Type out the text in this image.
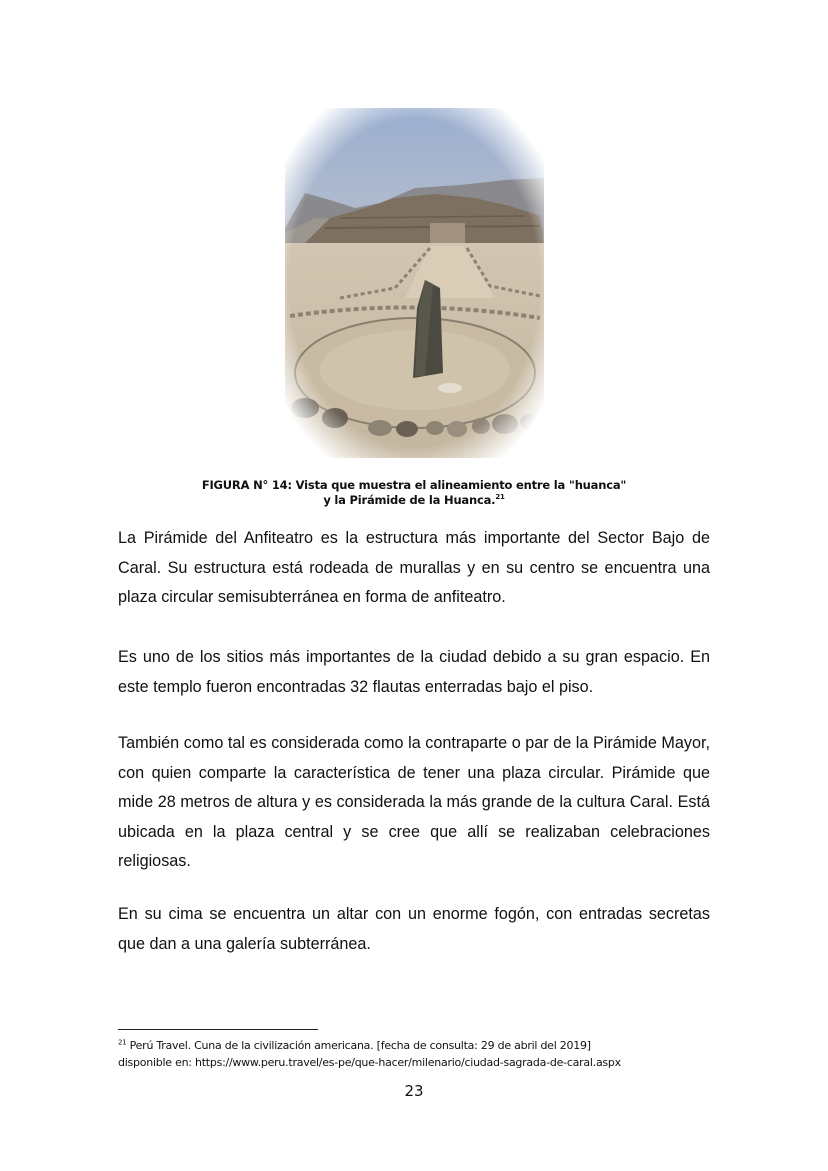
FIGURA N° 14: Vista que muestra el alineamiento entre la "huanca"
y la Pirámide de la Huanca.$^{21}$

La Pirámide del Anfiteatro es la estructura más importante del Sector Bajo de Caral. Su estructura está rodeada de murallas y en su centro se encuentra una plaza circular semisubterránea en forma de anfiteatro.

Es uno de los sitios más importantes de la ciudad debido a su gran espacio. En este templo fueron encontradas 32 flautas enterradas bajo el piso.

También como tal es considerada como la contraparte o par de la Pirámide Mayor, con quien comparte la característica de tener una plaza circular. Pirámide que mide 28 metros de altura y es considerada la más grande de la cultura Caral. Está ubicada en la plaza central y se cree que allí se realizaban celebraciones religiosas.

En su cima se encuentra un altar con un enorme fogón, con entradas secretas que dan a una galería subterránea.

$^{21}$ Perú Travel. Cuna de la civilización americana. [fecha de consulta: 29 de abril del 2019]
disponible en: https://www.peru.travel/es-pe/que-hacer/milenario/ciudad-sagrada-de-caral.aspx
23
